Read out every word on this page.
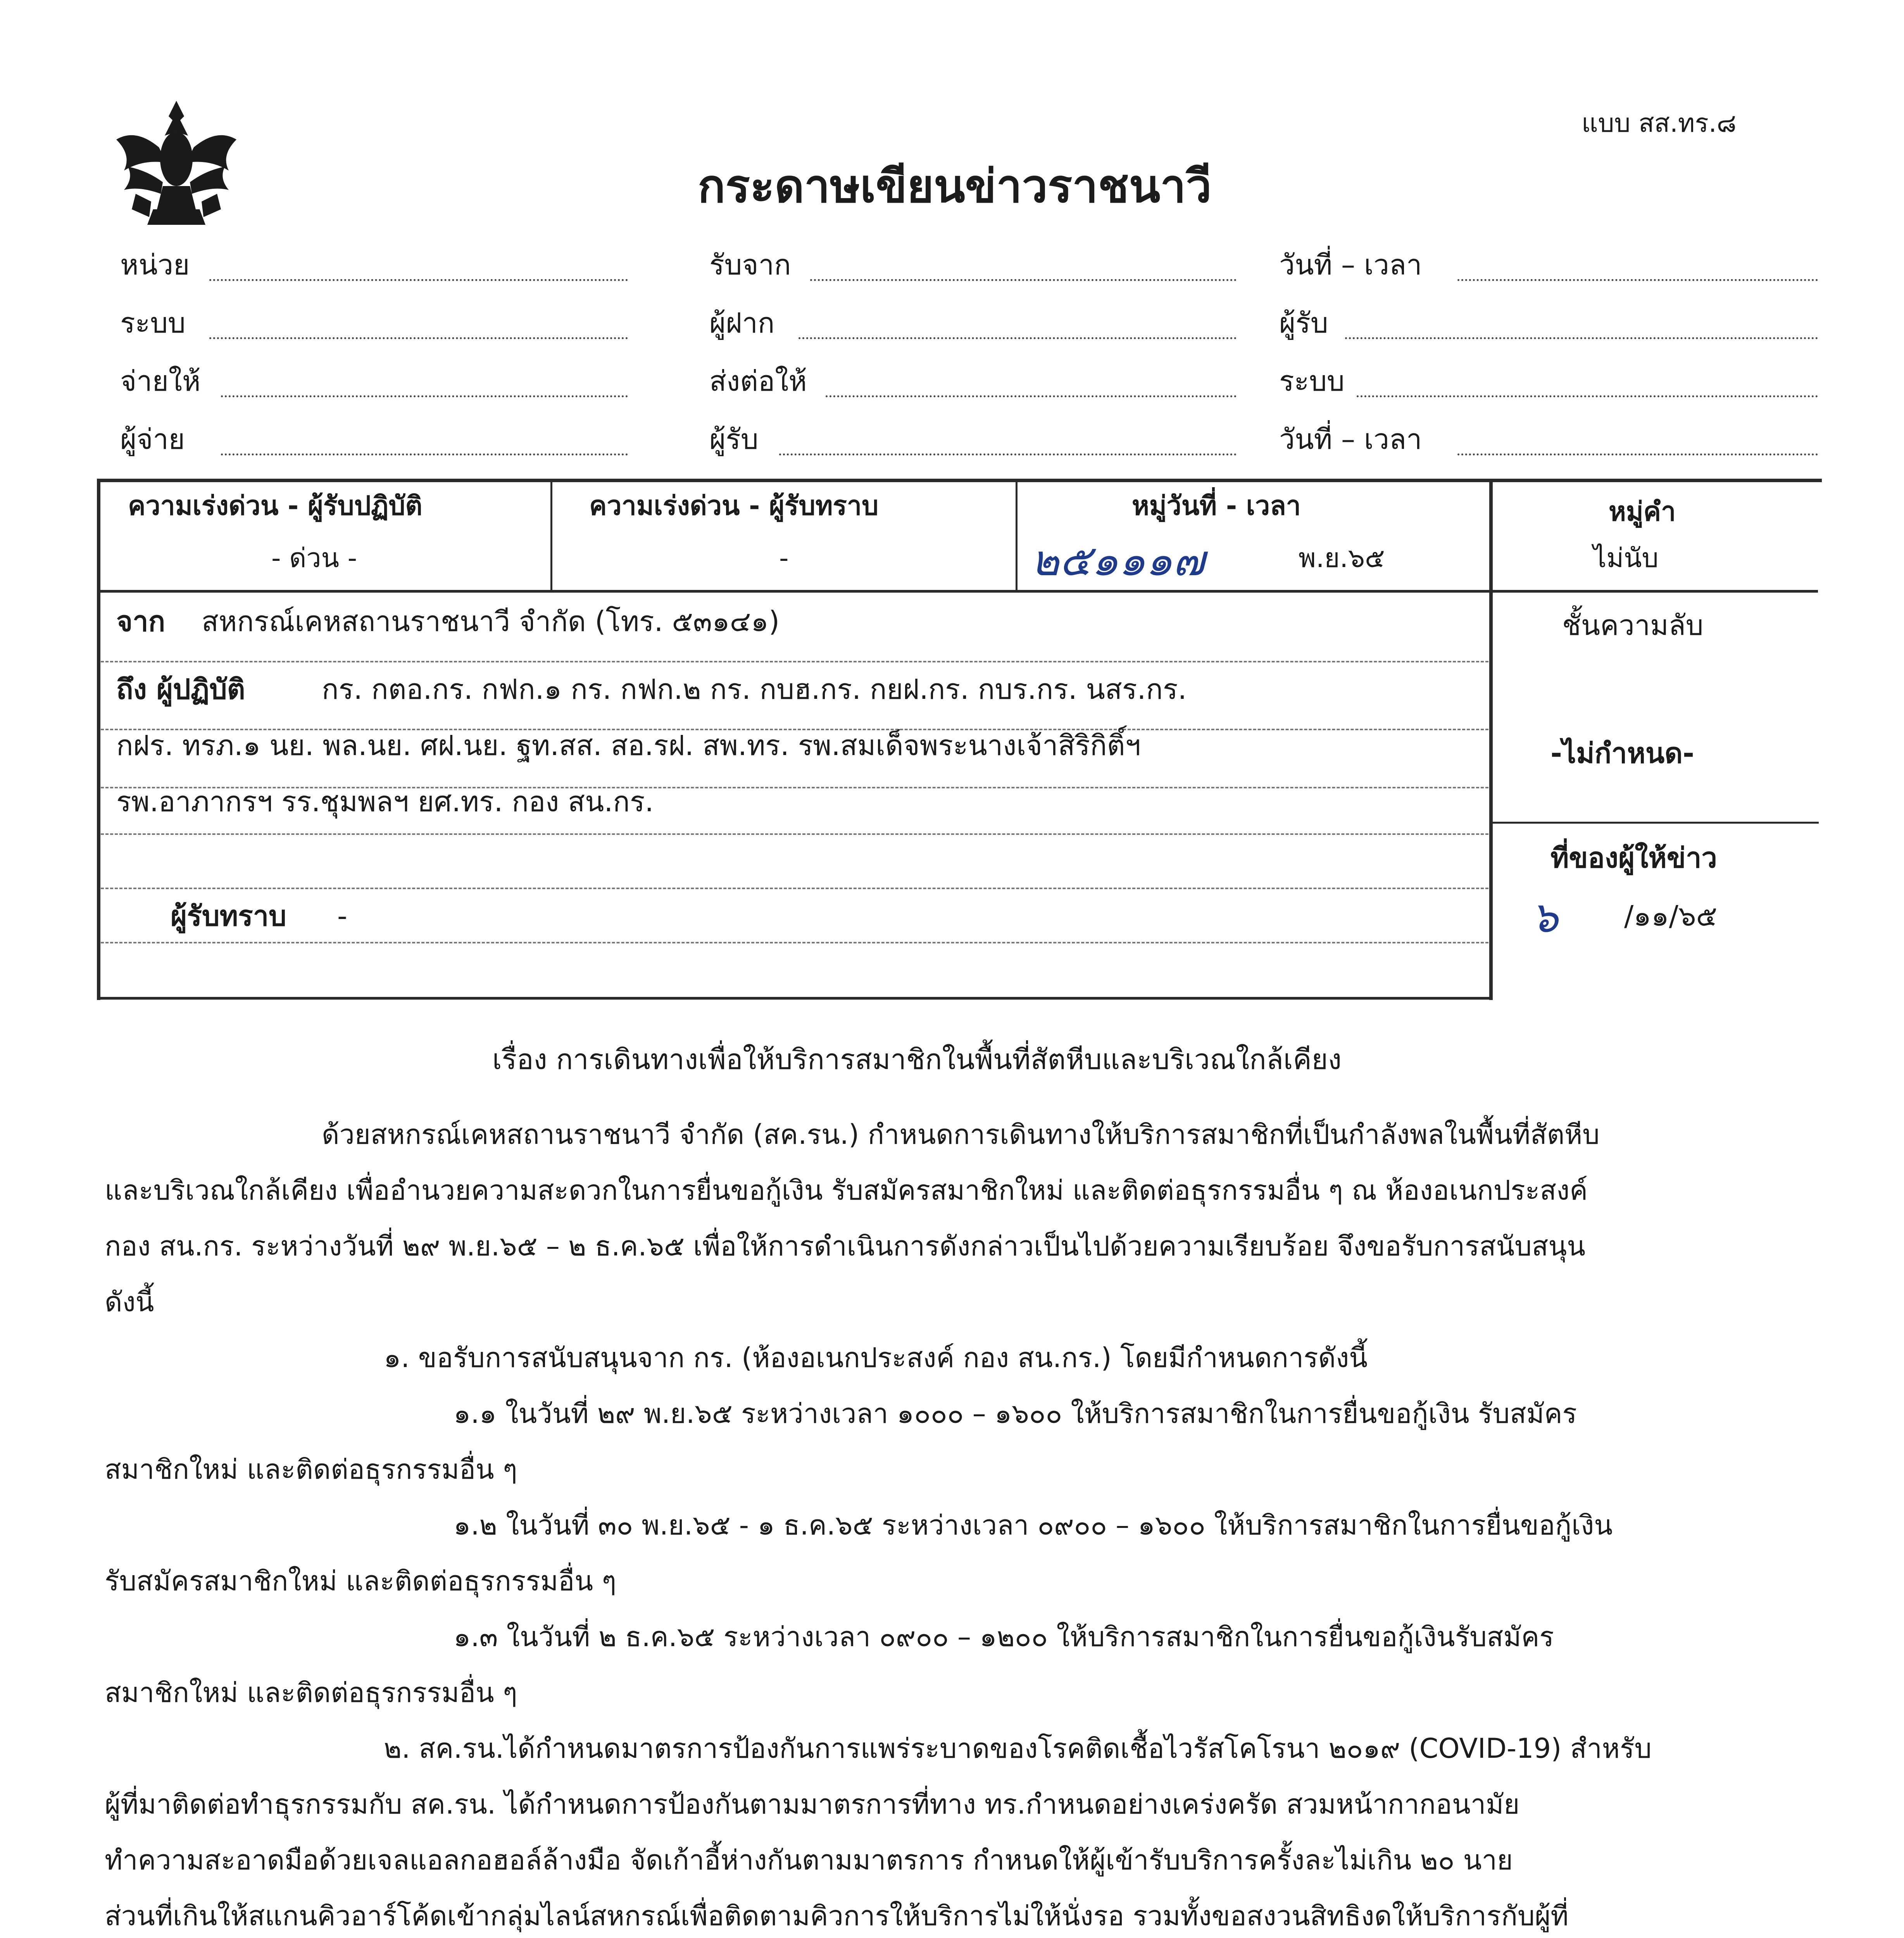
แบบ สส.ทร.๘
กระดาษเขียนข่าวราชนาวี
หน่วย
ระบบ
จ่ายให้
ผู้จ่าย
รับจาก
ผู้ฝาก
ส่งต่อให้
ผู้รับ
วันที่ – เวลา
ผู้รับ
ระบบ
วันที่ – เวลา
ความเร่งด่วน - ผู้รับปฏิบัติ
- ด่วน -
ความเร่งด่วน - ผู้รับทราบ
-
หมู่วันที่ - เวลา
๒๕๑๑๑๗	พ.ย.๖๕
หมู่คำ
ไม่นับ
จาก สหกรณ์เคหสถานราชนาวี จำกัด (โทร. ๕๓๑๔๑)
ถึง ผู้ปฏิบัติ	กร. กตอ.กร. กฟก.๑ กร. กฟก.๒ กร. กบฮ.กร. กยฝ.กร. กบร.กร. นสร.กร.
กฝร. ทรภ.๑ นย. พล.นย. ศฝ.นย. ฐท.สส. สอ.รฝ. สพ.ทร. รพ.สมเด็จพระนางเจ้าสิริกิติ์ฯ
รพ.อาภากรฯ รร.ชุมพลฯ ยศ.ทร. กอง สน.กร.
ผู้รับทราบ -
ชั้นความลับ
-ไม่กำหนด-
ที่ของผู้ให้ข่าว
๖ /๑๑/๖๕
เรื่อง การเดินทางเพื่อให้บริการสมาชิกในพื้นที่สัตหีบและบริเวณใกล้เคียง
ด้วยสหกรณ์เคหสถานราชนาวี จำกัด (สค.รน.) กำหนดการเดินทางให้บริการสมาชิกที่เป็นกำลังพลในพื้นที่สัตหีบ
และบริเวณใกล้เคียง เพื่ออำนวยความสะดวกในการยื่นขอกู้เงิน รับสมัครสมาชิกใหม่ และติดต่อธุรกรรมอื่น ๆ ณ ห้องอเนกประสงค์
กอง สน.กร. ระหว่างวันที่ ๒๙ พ.ย.๖๕ – ๒ ธ.ค.๖๕ เพื่อให้การดำเนินการดังกล่าวเป็นไปด้วยความเรียบร้อย จึงขอรับการสนับสนุน
ดังนี้
๑. ขอรับการสนับสนุนจาก กร. (ห้องอเนกประสงค์ กอง สน.กร.) โดยมีกำหนดการดังนี้
๑.๑ ในวันที่ ๒๙ พ.ย.๖๕ ระหว่างเวลา ๑๐๐๐ – ๑๖๐๐ ให้บริการสมาชิกในการยื่นขอกู้เงิน รับสมัคร
สมาชิกใหม่ และติดต่อธุรกรรมอื่น ๆ
๑.๒ ในวันที่ ๓๐ พ.ย.๖๕ - ๑ ธ.ค.๖๕ ระหว่างเวลา ๐๙๐๐ – ๑๖๐๐ ให้บริการสมาชิกในการยื่นขอกู้เงิน
รับสมัครสมาชิกใหม่ และติดต่อธุรกรรมอื่น ๆ
๑.๓ ในวันที่ ๒ ธ.ค.๖๕ ระหว่างเวลา ๐๙๐๐ – ๑๒๐๐ ให้บริการสมาชิกในการยื่นขอกู้เงินรับสมัคร
สมาชิกใหม่ และติดต่อธุรกรรมอื่น ๆ
๒. สค.รน.ได้กำหนดมาตรการป้องกันการแพร่ระบาดของโรคติดเชื้อไวรัสโคโรนา ๒๐๑๙ (COVID-19) สำหรับ
ผู้ที่มาติดต่อทำธุรกรรมกับ สค.รน. ได้กำหนดการป้องกันตามมาตรการที่ทาง ทร.กำหนดอย่างเคร่งครัด สวมหน้ากากอนามัย
ทำความสะอาดมือด้วยเจลแอลกอฮอล์ล้างมือ จัดเก้าอี้ห่างกันตามมาตรการ กำหนดให้ผู้เข้ารับบริการครั้งละไม่เกิน ๒๐ นาย
ส่วนที่เกินให้สแกนคิวอาร์โค้ดเข้ากลุ่มไลน์สหกรณ์เพื่อติดตามคิวการให้บริการไม่ให้นั่งรอ รวมทั้งขอสงวนสิทธิงดให้บริการกับผู้ที่
